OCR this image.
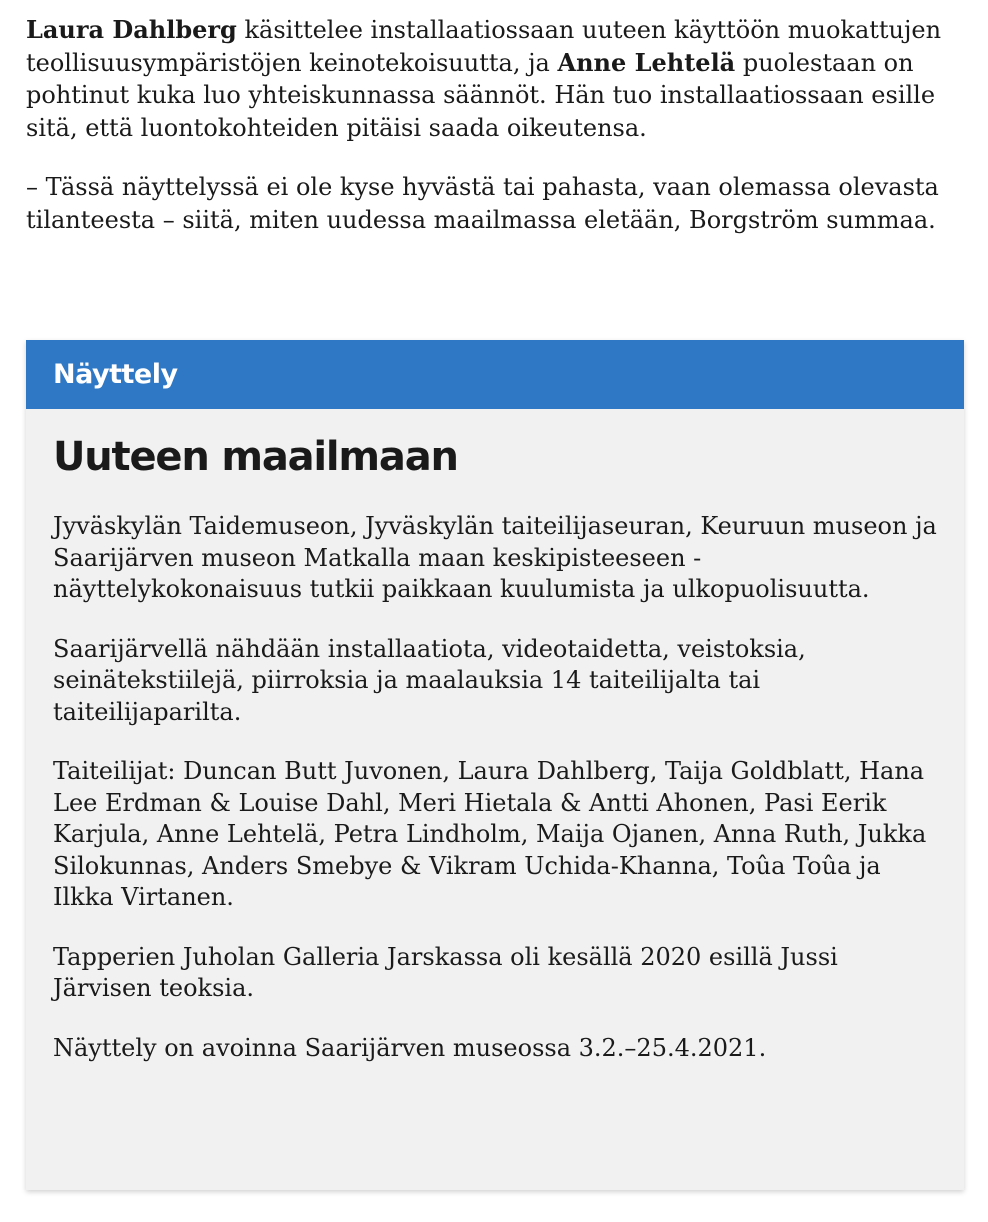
Laura Dahlberg käsittelee installaatiossaan uuteen käyttöön muokattujen teollisuusympäristöjen keinotekoisuutta, ja Anne Lehtelä puolestaan on pohtinut kuka luo yhteiskunnassa säännöt. Hän tuo installaatiossaan esille sitä, että luontokohteiden pitäisi saada oikeutensa.

– Tässä näyttelyssä ei ole kyse hyvästä tai pahasta, vaan olemassa olevasta tilanteesta – siitä, miten uudessa maailmassa eletään, Borgström summaa.

Näyttely
Uuteen maailmaan

Jyväskylän Taidemuseon, Jyväskylän taiteilijaseuran, Keuruun museon ja Saarijärven museon Matkalla maan keskipisteeseen -näyttelykokonaisuus tutkii paikkaan kuulumista ja ulkopuolisuutta.

Saarijärvellä nähdään installaatiota, videotaidetta, veistoksia, seinätekstiilejä, piirroksia ja maalauksia 14 taiteilijalta tai taiteilijaparilta.

Taiteilijat: Duncan Butt Juvonen, Laura Dahlberg, Taija Goldblatt, Hana Lee Erdman & Louise Dahl, Meri Hietala & Antti Ahonen, Pasi Eerik Karjula, Anne Lehtelä, Petra Lindholm, Maija Ojanen, Anna Ruth, Jukka Silokunnas, Anders Smebye & Vikram Uchida-Khanna, Toûa Toûa ja Ilkka Virtanen.

Tapperien Juholan Galleria Jarskassa oli kesällä 2020 esillä Jussi Järvisen teoksia.

Näyttely on avoinna Saarijärven museossa 3.2.–25.4.2021.
